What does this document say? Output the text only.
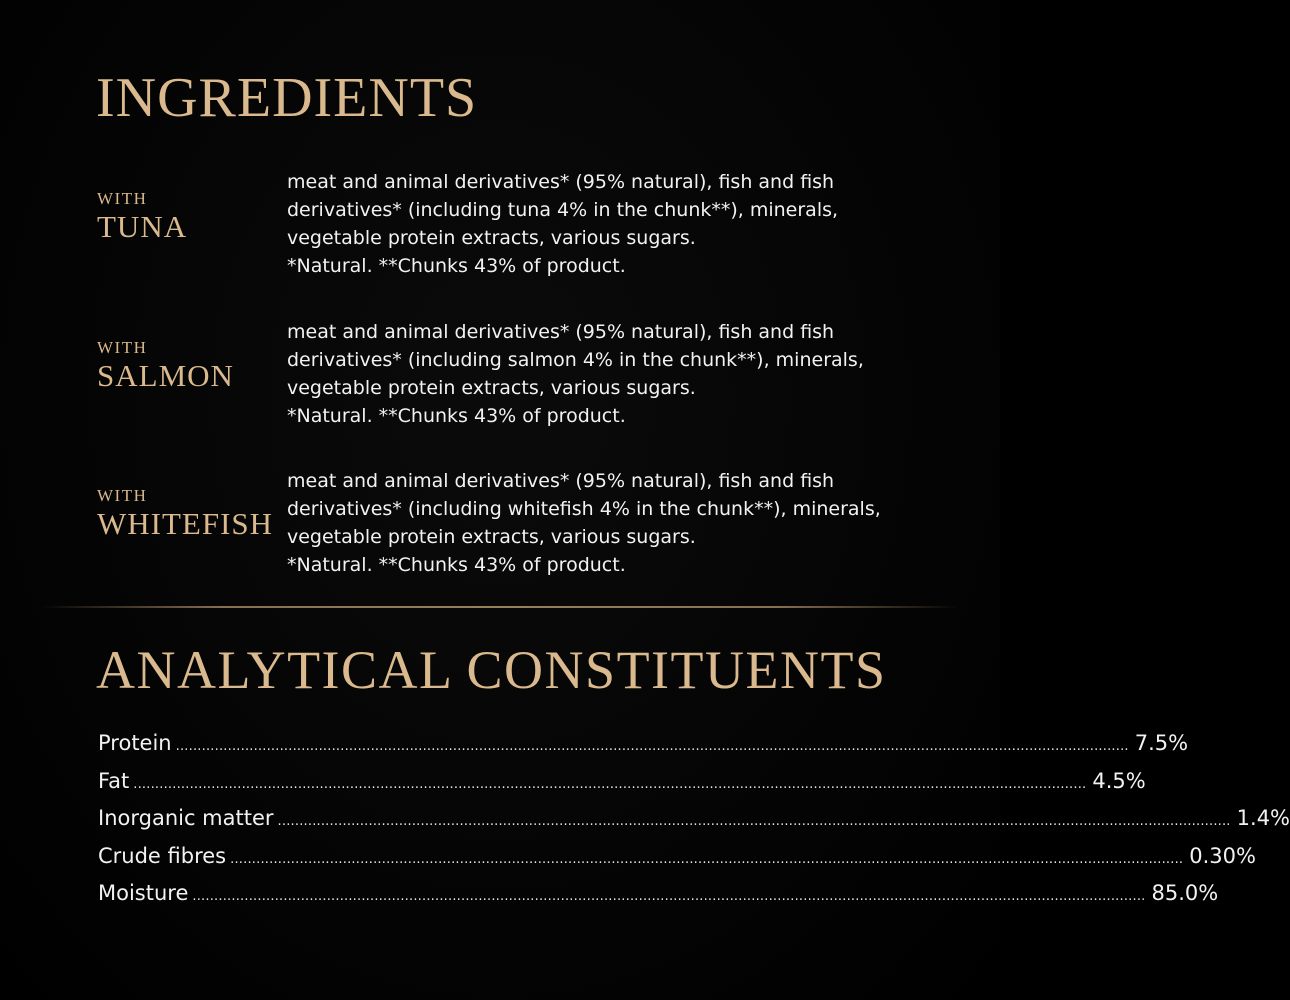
INGREDIENTS
WITH
TUNA
meat and animal derivatives* (95% natural), fish and fish
derivatives* (including tuna 4% in the chunk**), minerals,
vegetable protein extracts, various sugars.
*Natural. **Chunks 43% of product.
WITH
SALMON
meat and animal derivatives* (95% natural), fish and fish
derivatives* (including salmon 4% in the chunk**), minerals,
vegetable protein extracts, various sugars.
*Natural. **Chunks 43% of product.
WITH
WHITEFISH
meat and animal derivatives* (95% natural), fish and fish
derivatives* (including whitefish 4% in the chunk**), minerals,
vegetable protein extracts, various sugars.
*Natural. **Chunks 43% of product.
ANALYTICAL CONSTITUENTS
Protein ............................................................................................................................................................................................................................ 7.5%
Fat ............................................................................................................................................................................................................................ 4.5%
Inorganic matter ............................................................................................................................................................................................................................ 1.4%
Crude fibres ............................................................................................................................................................................................................................ 0.30%
Moisture ............................................................................................................................................................................................................................ 85.0%
